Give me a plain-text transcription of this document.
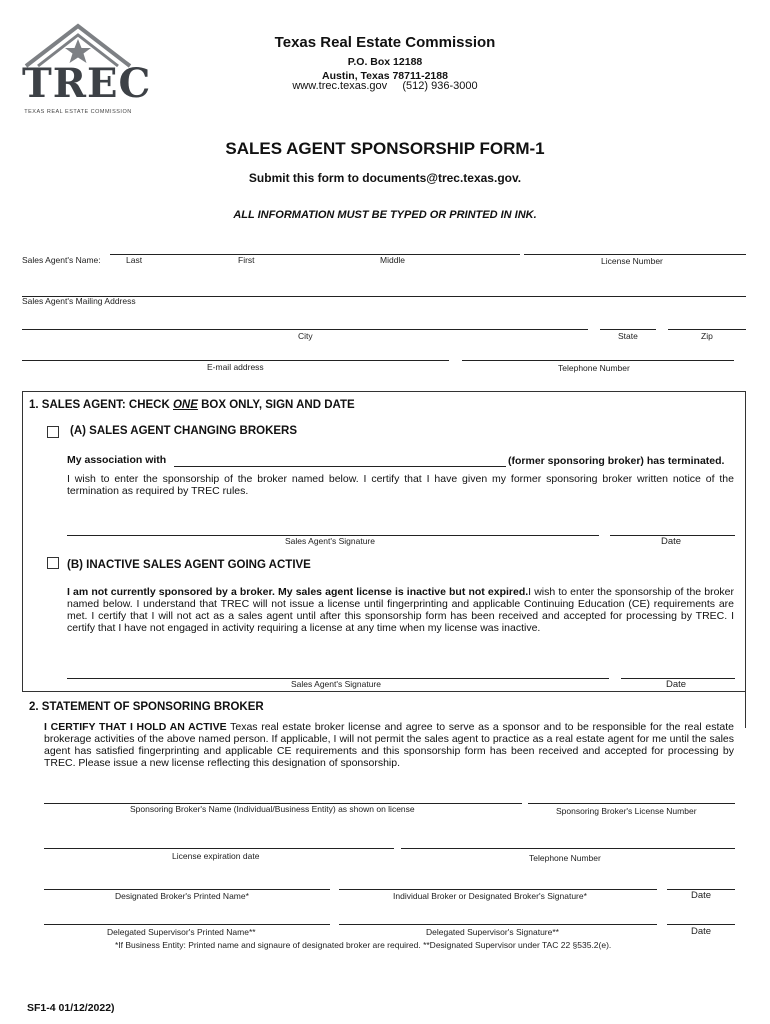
TREC
TEXAS REAL ESTATE COMMISSION
Texas Real Estate Commission
P.O. Box 12188
Austin, Texas 78711-2188
www.trec.texas.gov     (512) 936-3000
SALES AGENT SPONSORSHIP FORM-1
Submit this form to documents@trec.texas.gov.
ALL INFORMATION MUST BE TYPED OR PRINTED IN INK.
Sales Agent's Name:	Last	First	Middle	License Number
Sales Agent's Mailing Address
City	State	Zip
E-mail address	Telephone Number
1. SALES AGENT: CHECK ONE BOX ONLY, SIGN AND DATE
(A) SALES AGENT CHANGING BROKERS
My association with	(former sponsoring broker) has terminated.
I wish to enter the sponsorship of the broker named below. I certify that I have given my former sponsoring broker written notice of the termination as required by TREC rules.
Sales Agent's Signature	Date
(B) INACTIVE SALES AGENT GOING ACTIVE
I am not currently sponsored by a broker. My sales agent license is inactive but not expired.I wish to enter the sponsorship of the broker named below. I understand that TREC will not issue a license until fingerprinting and applicable Continuing Education (CE) requirements are met. I certify that I will not act as a sales agent until after this sponsorship form has been received and accepted for processing by TREC. I certify that I have not engaged in activity requiring a license at any time when my license was inactive.
Sales Agent's Signature	Date
2. STATEMENT OF SPONSORING BROKER
I CERTIFY THAT I HOLD AN ACTIVE Texas real estate broker license and agree to serve as a sponsor and to be responsible for the real estate brokerage activities of the above named person. If applicable, I will not permit the sales agent to practice as a real estate agent for me until the sales agent has satisfied fingerprinting and applicable CE requirements and this sponsorship form has been received and accepted for processing by TREC. Please issue a new license reflecting this designation of sponsorship.
Sponsoring Broker's Name (Individual/Business Entity) as shown on license	Sponsoring Broker's License Number
License expiration date	Telephone Number
Designated Broker's Printed Name*	Individual Broker or Designated Broker's Signature*	Date
Delegated Supervisor's Printed Name**	Delegated Supervisor's Signature**	Date
*If Business Entity: Printed name and signaure of designated broker are required. **Designated Supervisor under TAC 22 §535.2(e).
SF1-4 01/12/2022)
